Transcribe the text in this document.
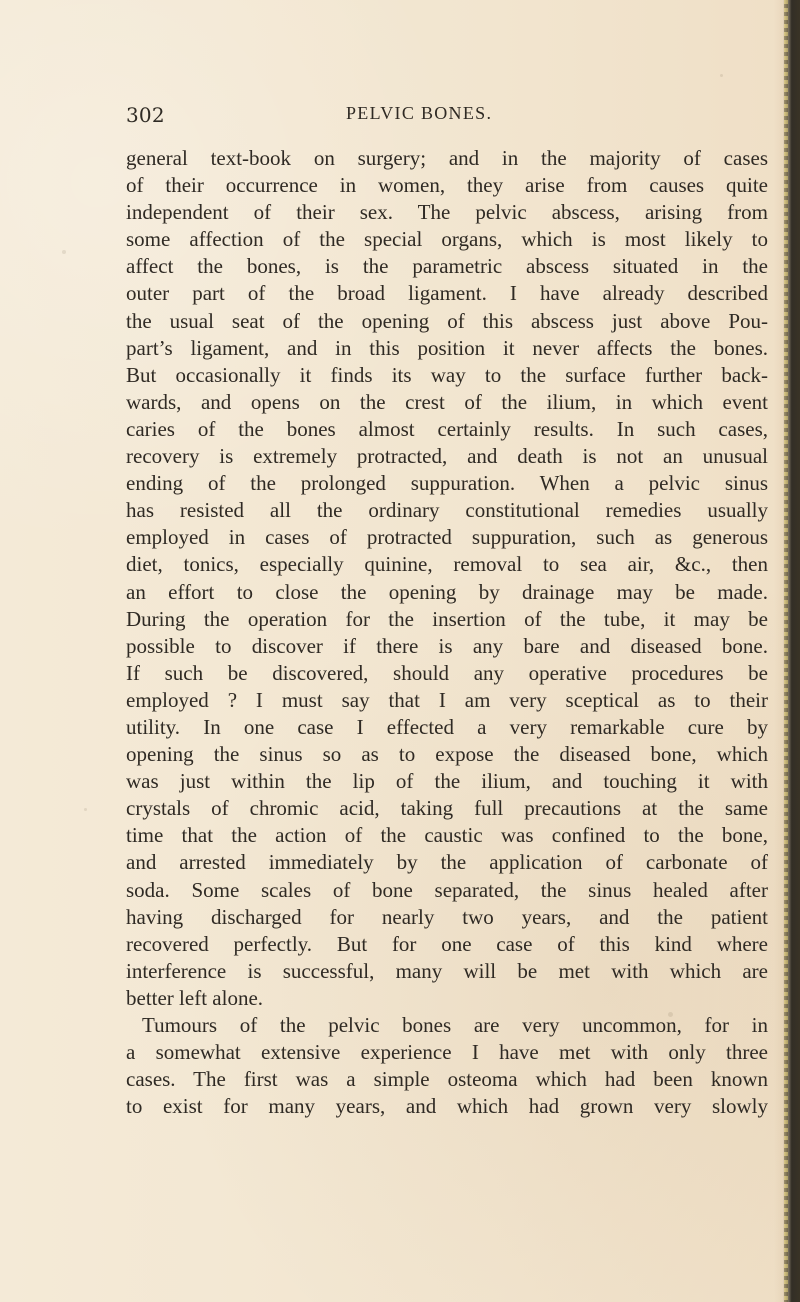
302	PELVIC BONES.
general text-book on surgery; and in the majority of cases
of their occurrence in women, they arise from causes quite
independent of their sex. The pelvic abscess, arising from
some affection of the special organs, which is most likely to
affect the bones, is the parametric abscess situated in the
outer part of the broad ligament. I have already described
the usual seat of the opening of this abscess just above Pou-
part’s ligament, and in this position it never affects the bones.
But occasionally it finds its way to the surface further back-
wards, and opens on the crest of the ilium, in which event
caries of the bones almost certainly results. In such cases,
recovery is extremely protracted, and death is not an unusual
ending of the prolonged suppuration. When a pelvic sinus
has resisted all the ordinary constitutional remedies usually
employed in cases of protracted suppuration, such as generous
diet, tonics, especially quinine, removal to sea air, &c., then
an effort to close the opening by drainage may be made.
During the operation for the insertion of the tube, it may be
possible to discover if there is any bare and diseased bone.
If such be discovered, should any operative procedures be
employed ? I must say that I am very sceptical as to their
utility. In one case I effected a very remarkable cure by
opening the sinus so as to expose the diseased bone, which
was just within the lip of the ilium, and touching it with
crystals of chromic acid, taking full precautions at the same
time that the action of the caustic was confined to the bone,
and arrested immediately by the application of carbonate of
soda. Some scales of bone separated, the sinus healed after
having discharged for nearly two years, and the patient
recovered perfectly. But for one case of this kind where
interference is successful, many will be met with which are
better left alone.
Tumours of the pelvic bones are very uncommon, for in
a somewhat extensive experience I have met with only three
cases. The first was a simple osteoma which had been known
to exist for many years, and which had grown very slowly
